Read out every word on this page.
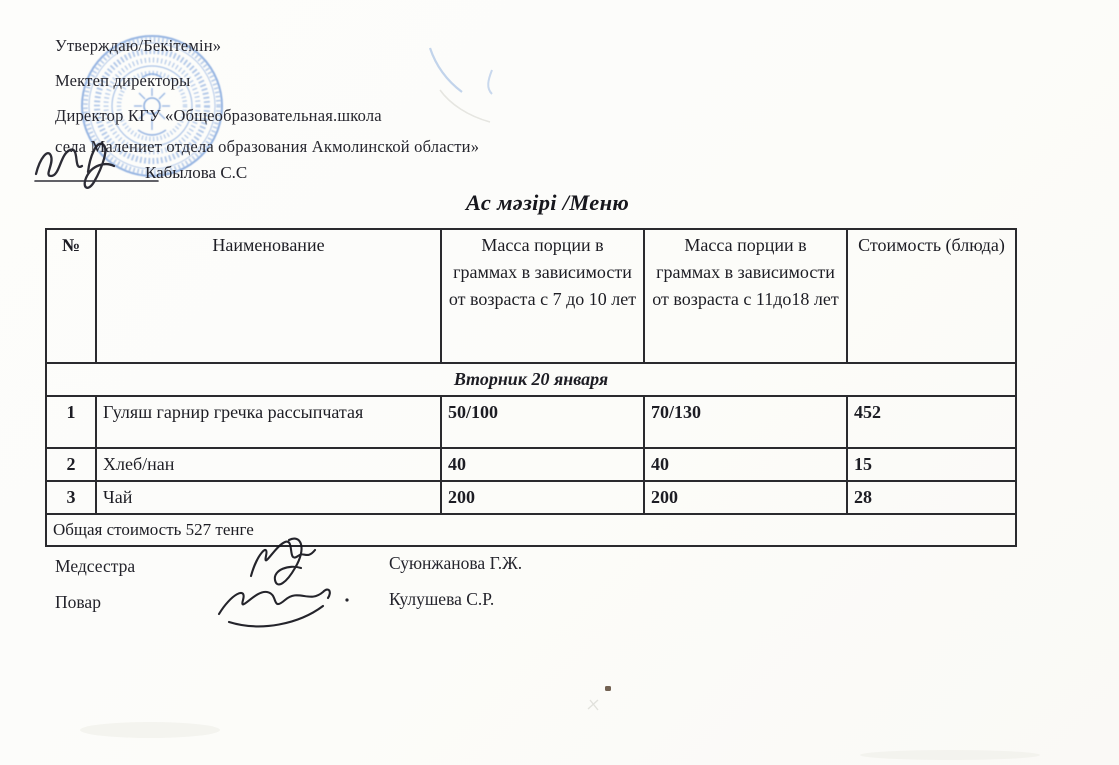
Утверждаю/Бекітемін»
Мектеп директоры
Директор КГУ «Общеобразовательная.школа
села Малениет отдела образования Акмолинской области»
Кабылова С.С
Ас мәзірі /Меню
№	Наименование	Масса порции в граммах в зависимости от возраста с 7 до 10 лет	Масса порции в граммах в зависимости от возраста с 11до18 лет	Стоимость (блюда)
Вторник 20 января				
1	Гуляш гарнир гречка рассыпчатая	50/100	70/130	452
2	Хлеб/нан	40	40	15
3	Чай	200	200	28
Общая стоимость 527 тенге				
Медсестра
Повар
Суюнжанова Г.Ж.
Кулушева С.Р.
